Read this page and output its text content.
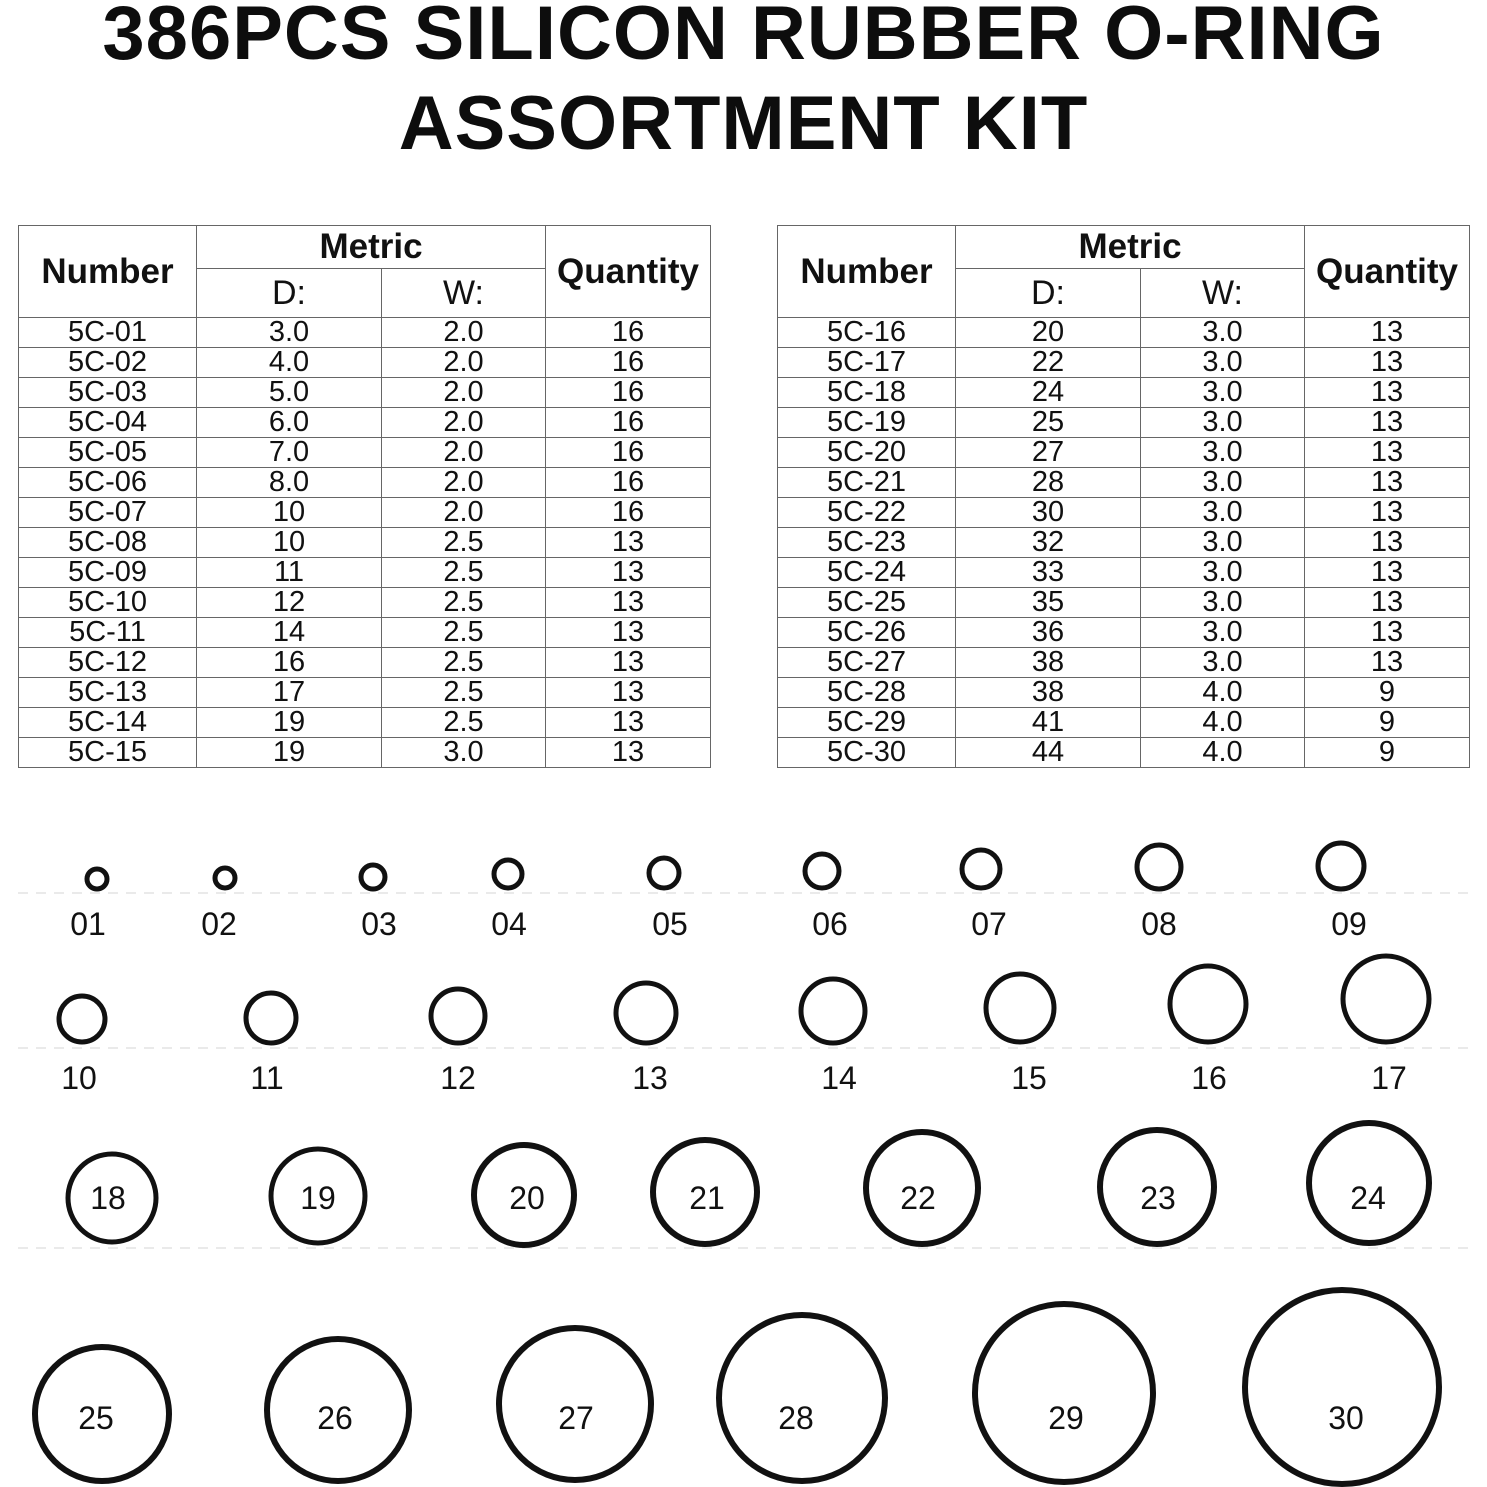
386PCS SILICON RUBBER O-RING
ASSORTMENT KIT
Number	Metric		Quantity
	D:	W:	
5C-01	3.0	2.0	16
5C-02	4.0	2.0	16
5C-03	5.0	2.0	16
5C-04	6.0	2.0	16
5C-05	7.0	2.0	16
5C-06	8.0	2.0	16
5C-07	10	2.0	16
5C-08	10	2.5	13
5C-09	11	2.5	13
5C-10	12	2.5	13
5C-11	14	2.5	13
5C-12	16	2.5	13
5C-13	17	2.5	13
5C-14	19	2.5	13
5C-15	19	3.0	13
Number	Metric		Quantity
	D:	W:	
5C-16	20	3.0	13
5C-17	22	3.0	13
5C-18	24	3.0	13
5C-19	25	3.0	13
5C-20	27	3.0	13
5C-21	28	3.0	13
5C-22	30	3.0	13
5C-23	32	3.0	13
5C-24	33	3.0	13
5C-25	35	3.0	13
5C-26	36	3.0	13
5C-27	38	3.0	13
5C-28	38	4.0	9
5C-29	41	4.0	9
5C-30	44	4.0	9
01	02	03	04	05	06	07	08	09
10	11	12	13	14	15	16	17
18	19	20	21	22	23	24
25	26	27	28	29	30
